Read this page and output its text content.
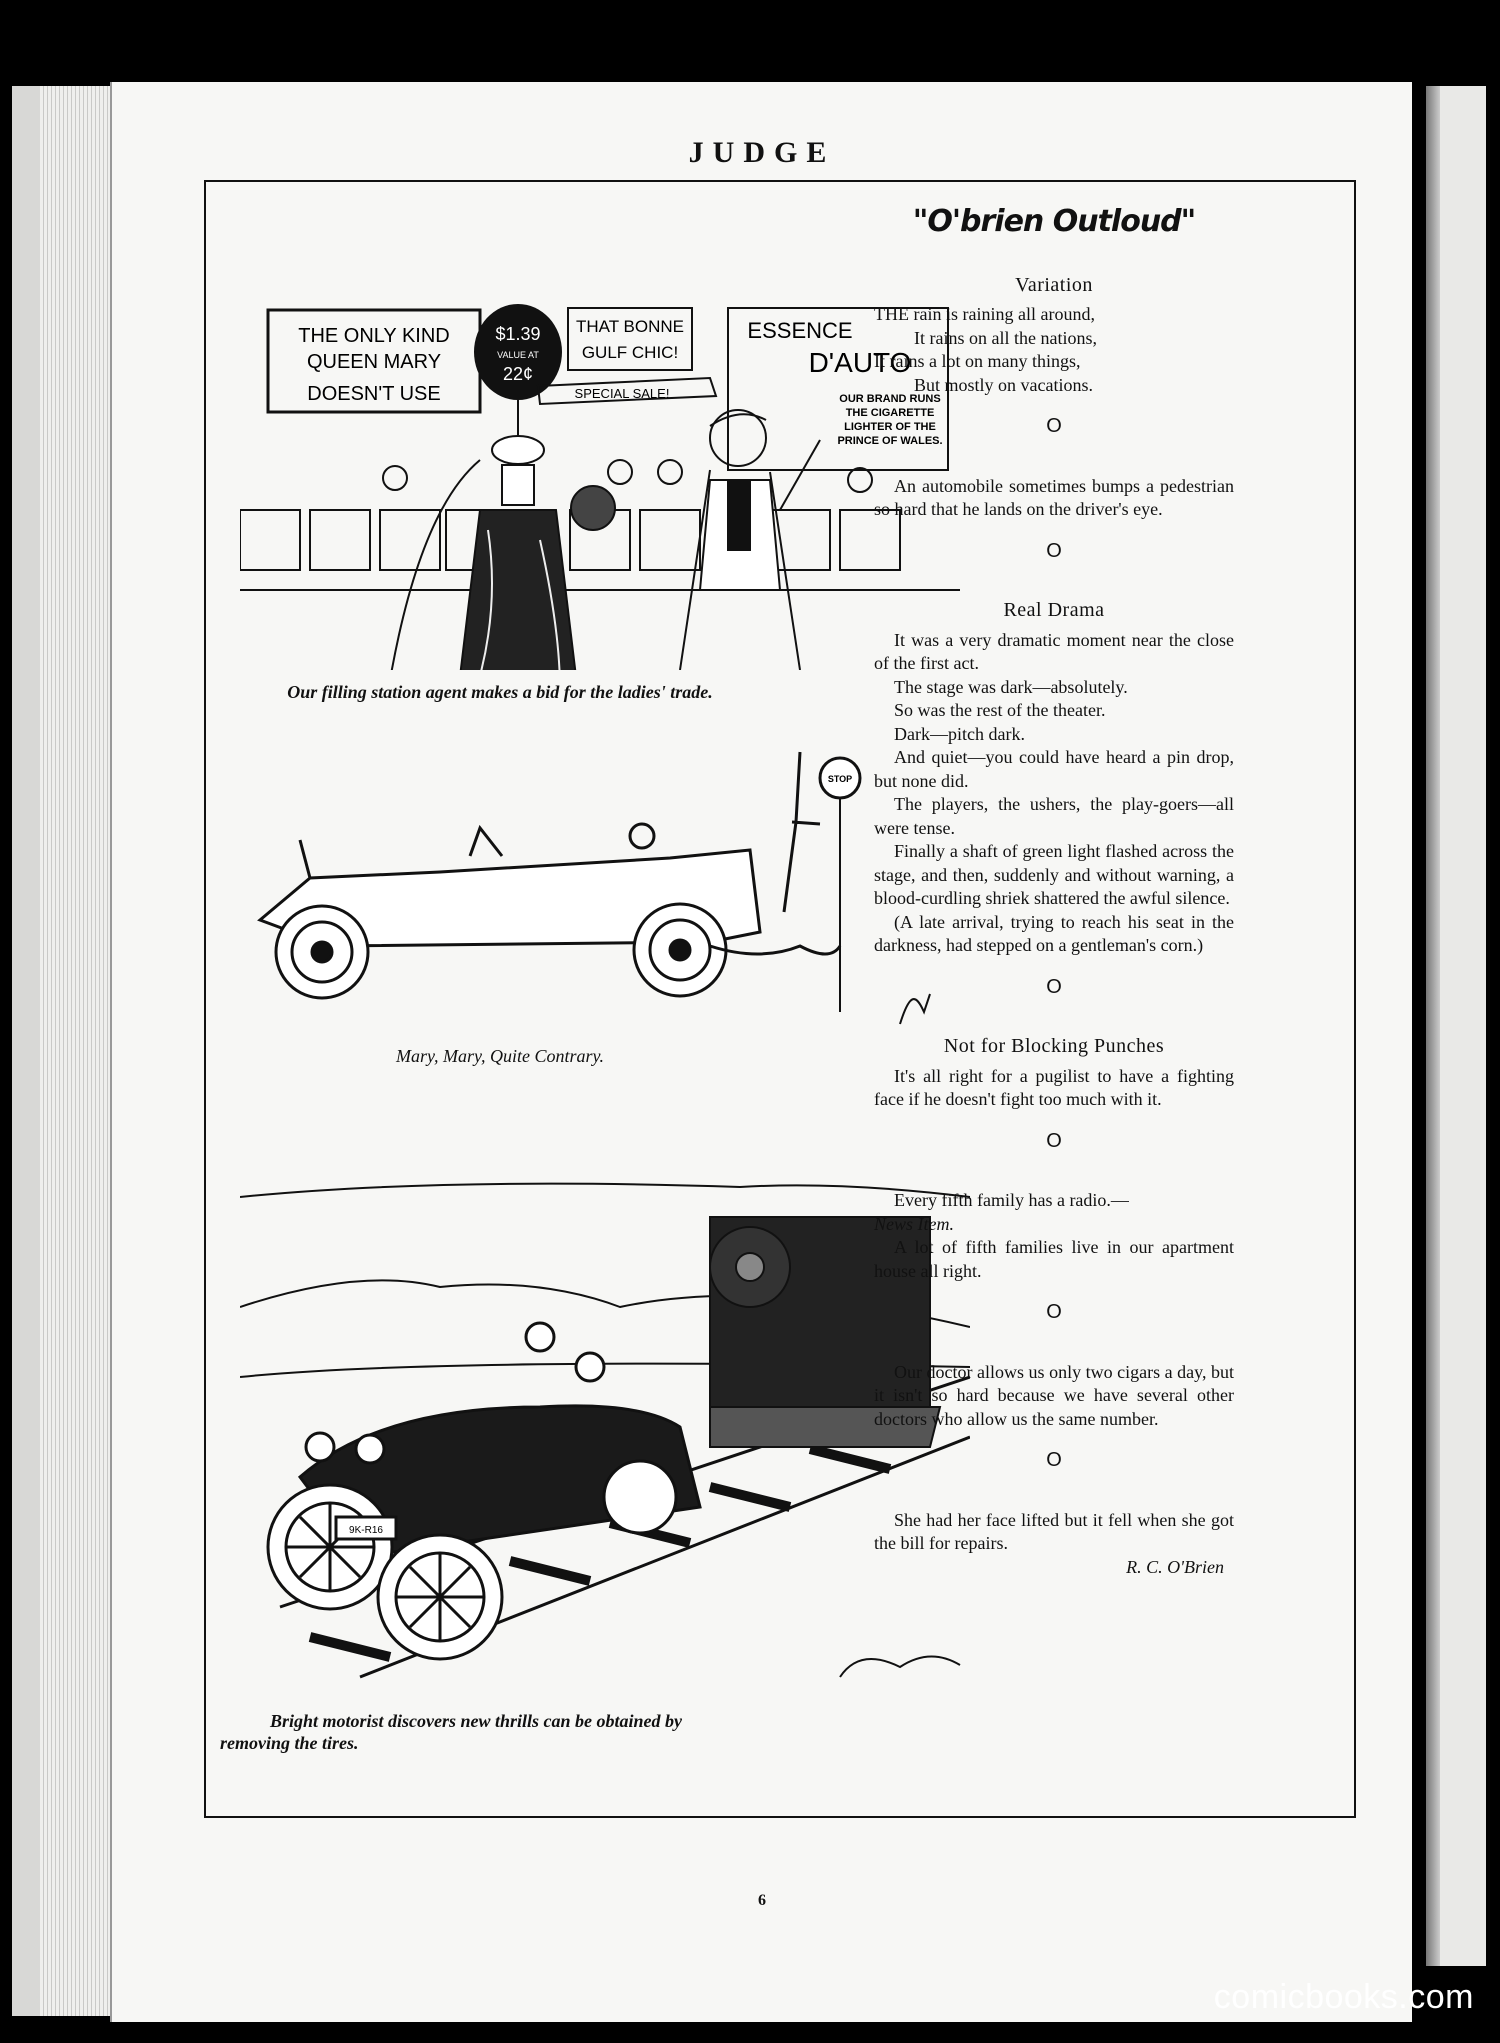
JUDGE
THE ONLY KIND
QUEEN MARY
DOESN'T USE
$1.39
VALUE AT
22¢
THAT BONNE
GULF CHIC!
SPECIAL SALE!
ESSENCE
D'AUTO
OUR BRAND RUNS
THE CIGARETTE
LIGHTER OF THE
PRINCE OF WALES.
Our filling station agent makes a bid for the ladies' trade.
STOP
Mary, Mary, Quite Contrary.
9K-R16
Bright motorist discovers new thrills can be obtained by
removing the tires.

"O'brien Outloud"

Variation

THE rain is raining all around,
It rains on all the nations,
It rains a lot on many things,
But mostly on vacations.

O

An automobile sometimes bumps a pedestrian so hard that he lands on the driver's eye.

O

Real Drama

It was a very dramatic moment near the close of the first act.

The stage was dark—absolutely.

So was the rest of the theater.

Dark—pitch dark.

And quiet—you could have heard a pin drop, but none did.

The players, the ushers, the play-goers—all were tense.

Finally a shaft of green light flashed across the stage, and then, suddenly and without warning, a blood-curdling shriek shattered the awful silence.

(A late arrival, trying to reach his seat in the darkness, had stepped on a gentleman's corn.)

O

Not for Blocking Punches

It's all right for a pugilist to have a fighting face if he doesn't fight too much with it.

O

Every fifth family has a radio.—

News Item.

A lot of fifth families live in our apartment house all right.

O

Our doctor allows us only two cigars a day, but it isn't so hard because we have several other doctors who allow us the same number.

O

She had her face lifted but it fell when she got the bill for repairs.

R. C. O'Brien

6
comicbooks.com
